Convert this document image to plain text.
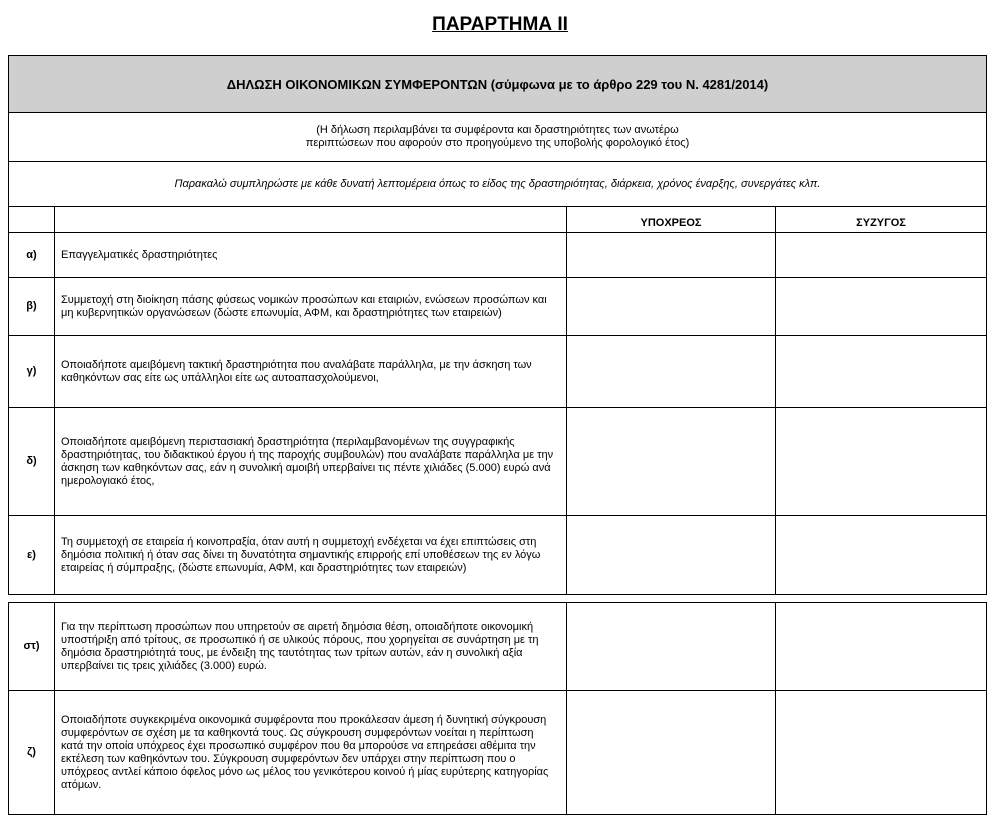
ΠΑΡΑΡΤΗΜΑ ΙΙ
ΔΗΛΩΣΗ ΟΙΚΟΝΟΜΙΚΩΝ ΣΥΜΦΕΡΟΝΤΩΝ (σύμφωνα με το άρθρο 229 του Ν. 4281/2014)			
(Η δήλωση περιλαμβάνει τα συμφέροντα και δραστηριότητες των ανωτέρω
περιπτώσεων που αφορούν στο προηγούμενο της υποβολής φορολογικό έτος)			
Παρακαλώ συμπληρώστε με κάθε δυνατή λεπτομέρεια όπως το είδος της δραστηριότητας, διάρκεια, χρόνος έναρξης, συνεργάτες κλπ.			
		ΥΠΟΧΡΕΟΣ	ΣΥΖΥΓΟΣ
α)	Επαγγελματικές δραστηριότητες		
β)	Συμμετοχή στη διοίκηση πάσης φύσεως νομικών προσώπων και εταιριών, ενώσεων προσώπων και μη κυβερνητικών οργανώσεων (δώστε επωνυμία, ΑΦΜ, και δραστηριότητες των εταιρειών)		
γ)	Οποιαδήποτε αμειβόμενη τακτική δραστηριότητα που αναλάβατε παράλληλα, με την άσκηση των καθηκόντων σας είτε ως υπάλληλοι είτε ως αυτοαπασχολούμενοι,		
δ)	Οποιαδήποτε αμειβόμενη περιστασιακή δραστηριότητα (περιλαμβανομένων της συγγραφικής δραστηριότητας, του διδακτικού έργου ή της παροχής συμβουλών) που αναλάβατε παράλληλα με την άσκηση των καθηκόντων σας, εάν η συνολική αμοιβή υπερβαίνει τις πέντε χιλιάδες (5.000) ευρώ ανά ημερολογιακό έτος,		
ε)	Τη συμμετοχή σε εταιρεία ή κοινοπραξία, όταν αυτή η συμμετοχή ενδέχεται να έχει επιπτώσεις στη δημόσια πολιτική ή όταν σας δίνει τη δυνατότητα σημαντικής επιρροής επί υποθέσεων της εν λόγω εταιρείας ή σύμπραξης, (δώστε επωνυμία, ΑΦΜ, και δραστηριότητες των εταιρειών)		
στ)	Για την περίπτωση προσώπων που υπηρετούν σε αιρετή δημόσια θέση, οποιαδήποτε οικονομική υποστήριξη από τρίτους, σε προσωπικό ή σε υλικούς πόρους, που χορηγείται σε συνάρτηση με τη δημόσια δραστηριότητά τους, με ένδειξη της ταυτότητας των τρίτων αυτών, εάν η συνολική αξία υπερβαίνει τις τρεις χιλιάδες (3.000) ευρώ.		
ζ)	Οποιαδήποτε συγκεκριμένα οικονομικά συμφέροντα που προκάλεσαν άμεση ή δυνητική σύγκρουση συμφερόντων σε σχέση με τα καθηκοντά τους. Ως σύγκρουση συμφερόντων νοείται η περίπτωση κατά την οποία υπόχρεος έχει προσωπικό συμφέρον που θα μπορούσε να επηρεάσει αθέμιτα την εκτέλεση των καθηκόντων του. Σύγκρουση συμφερόντων δεν υπάρχει στην περίπτωση που ο υπόχρεος αντλεί κάποιο όφελος μόνο ως μέλος του γενικότερου κοινού ή μίας ευρύτερης κατηγορίας ατόμων.		
